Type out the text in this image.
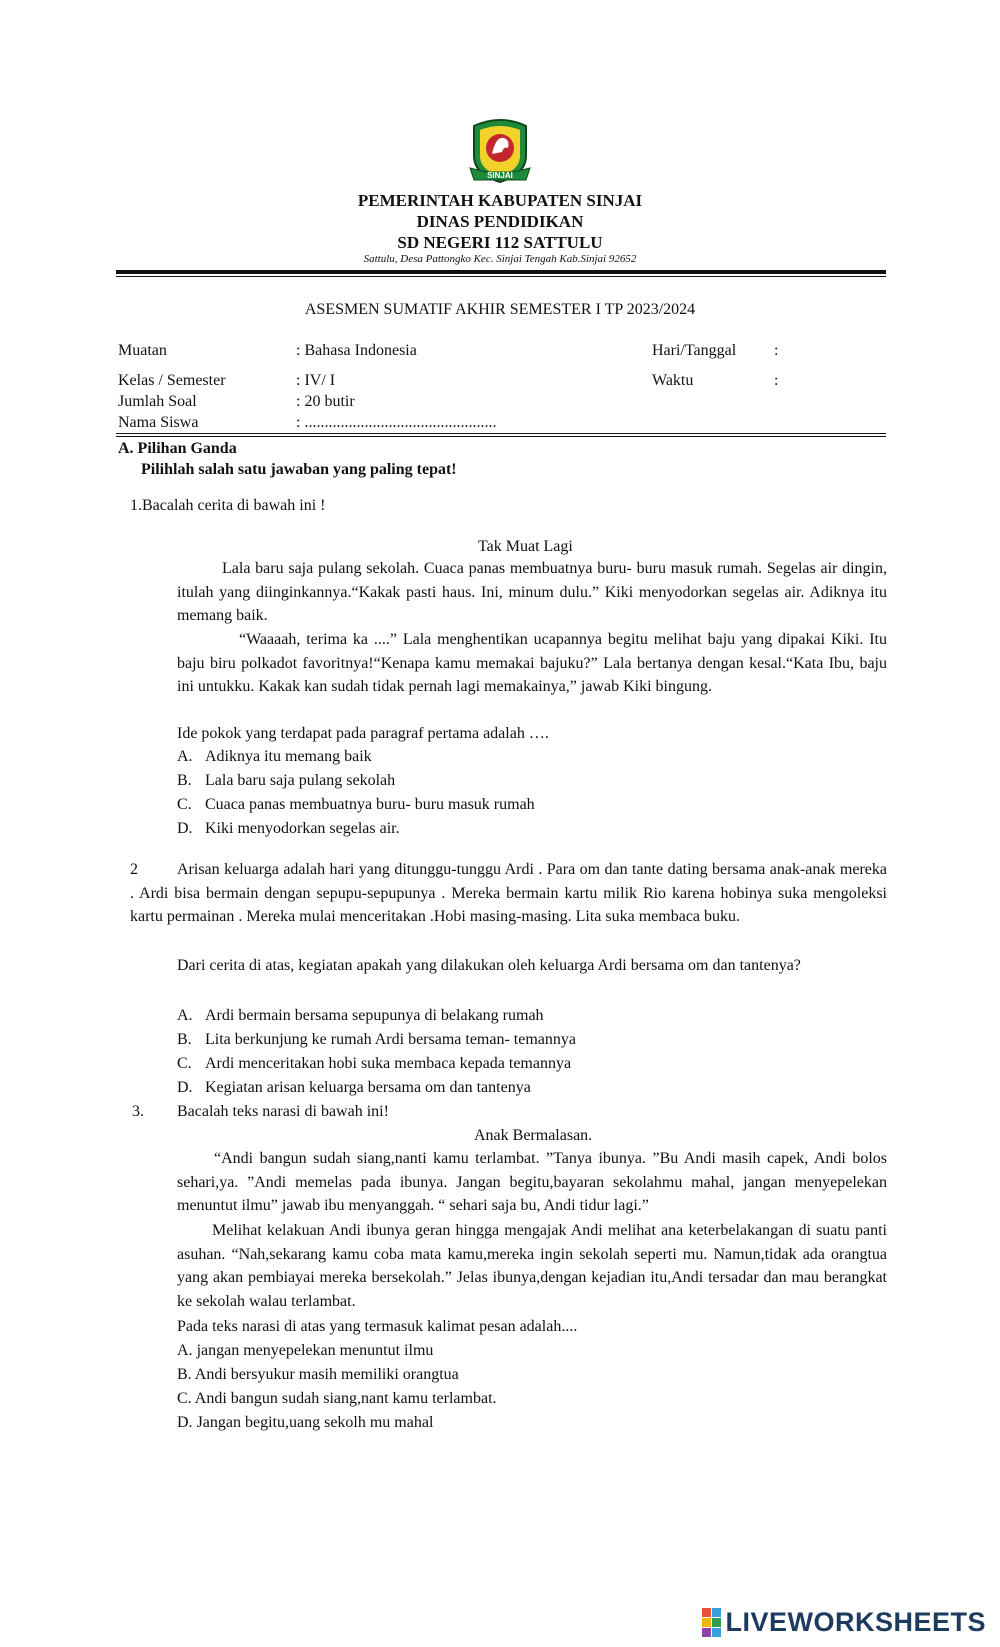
SINJAI
PEMERINTAH KABUPATEN SINJAI
DINAS PENDIDIKAN
SD NEGERI 112 SATTULU
Sattulu, Desa Pattongko Kec. Sinjai Tengah Kab.Sinjai 92652
ASESMEN SUMATIF AKHIR SEMESTER I TP 2023/2024
Muatan	: Bahasa Indonesia	Hari/Tanggal :
Kelas / Semester	: IV/ I	Waktu	:
Jumlah Soal	: 20 butir
Nama Siswa	: ................................................
A. Pilihan Ganda
Pilihlah salah satu jawaban yang paling tepat!
1.Bacalah cerita di bawah ini !
Tak Muat Lagi
Lala baru saja pulang sekolah. Cuaca panas membuatnya buru- buru masuk rumah. Segelas air dingin, itulah yang diinginkannya.“Kakak pasti haus. Ini, minum dulu.” Kiki menyodorkan segelas air. Adiknya itu memang baik.
“Waaaah, terima ka ....” Lala menghentikan ucapannya begitu melihat baju yang dipakai Kiki. Itu baju biru polkadot favoritnya!“Kenapa kamu memakai bajuku?” Lala bertanya dengan kesal.“Kata Ibu, baju ini untukku. Kakak kan sudah tidak pernah lagi memakainya,” jawab Kiki bingung.
Ide pokok yang terdapat pada paragraf pertama adalah ….
A. Adiknya itu memang baik
B. Lala baru saja pulang sekolah
C. Cuaca panas membuatnya buru- buru masuk rumah
D. Kiki menyodorkan segelas air.
2	Arisan keluarga adalah hari yang ditunggu-tunggu Ardi . Para om dan tante dating bersama anak-anak mereka . Ardi bisa bermain dengan sepupu-sepupunya . Mereka bermain kartu milik Rio karena hobinya suka mengoleksi kartu permainan . Mereka mulai menceritakan .Hobi masing-masing. Lita suka membaca buku.
Dari cerita di atas, kegiatan apakah yang dilakukan oleh keluarga Ardi bersama om dan tantenya?
A. Ardi bermain bersama sepupunya di belakang rumah
B. Lita berkunjung ke rumah Ardi bersama teman- temannya
C. Ardi menceritakan hobi suka membaca kepada temannya
D. Kegiatan arisan keluarga bersama om dan tantenya
3. Bacalah teks narasi di bawah ini!
Anak Bermalasan.
“Andi bangun sudah siang,nanti kamu terlambat. ”Tanya ibunya. ”Bu Andi masih capek, Andi bolos sehari,ya. ”Andi memelas pada ibunya. Jangan begitu,bayaran sekolahmu mahal, jangan menyepelekan menuntut ilmu” jawab ibu menyanggah. “ sehari saja bu, Andi tidur lagi.”
Melihat kelakuan Andi ibunya geran hingga mengajak Andi melihat ana keterbelakangan di suatu panti asuhan. “Nah,sekarang kamu coba mata kamu,mereka ingin sekolah seperti mu. Namun,tidak ada orangtua yang akan pembiayai mereka bersekolah.” Jelas ibunya,dengan kejadian itu,Andi tersadar dan mau berangkat ke sekolah walau terlambat.
Pada teks narasi di atas yang termasuk kalimat pesan adalah....
A. jangan menyepelekan menuntut ilmu
B. Andi bersyukur masih memiliki orangtua
C. Andi bangun sudah siang,nant kamu terlambat.
D. Jangan begitu,uang sekolh mu mahal
LIVEWORKSHEETS
